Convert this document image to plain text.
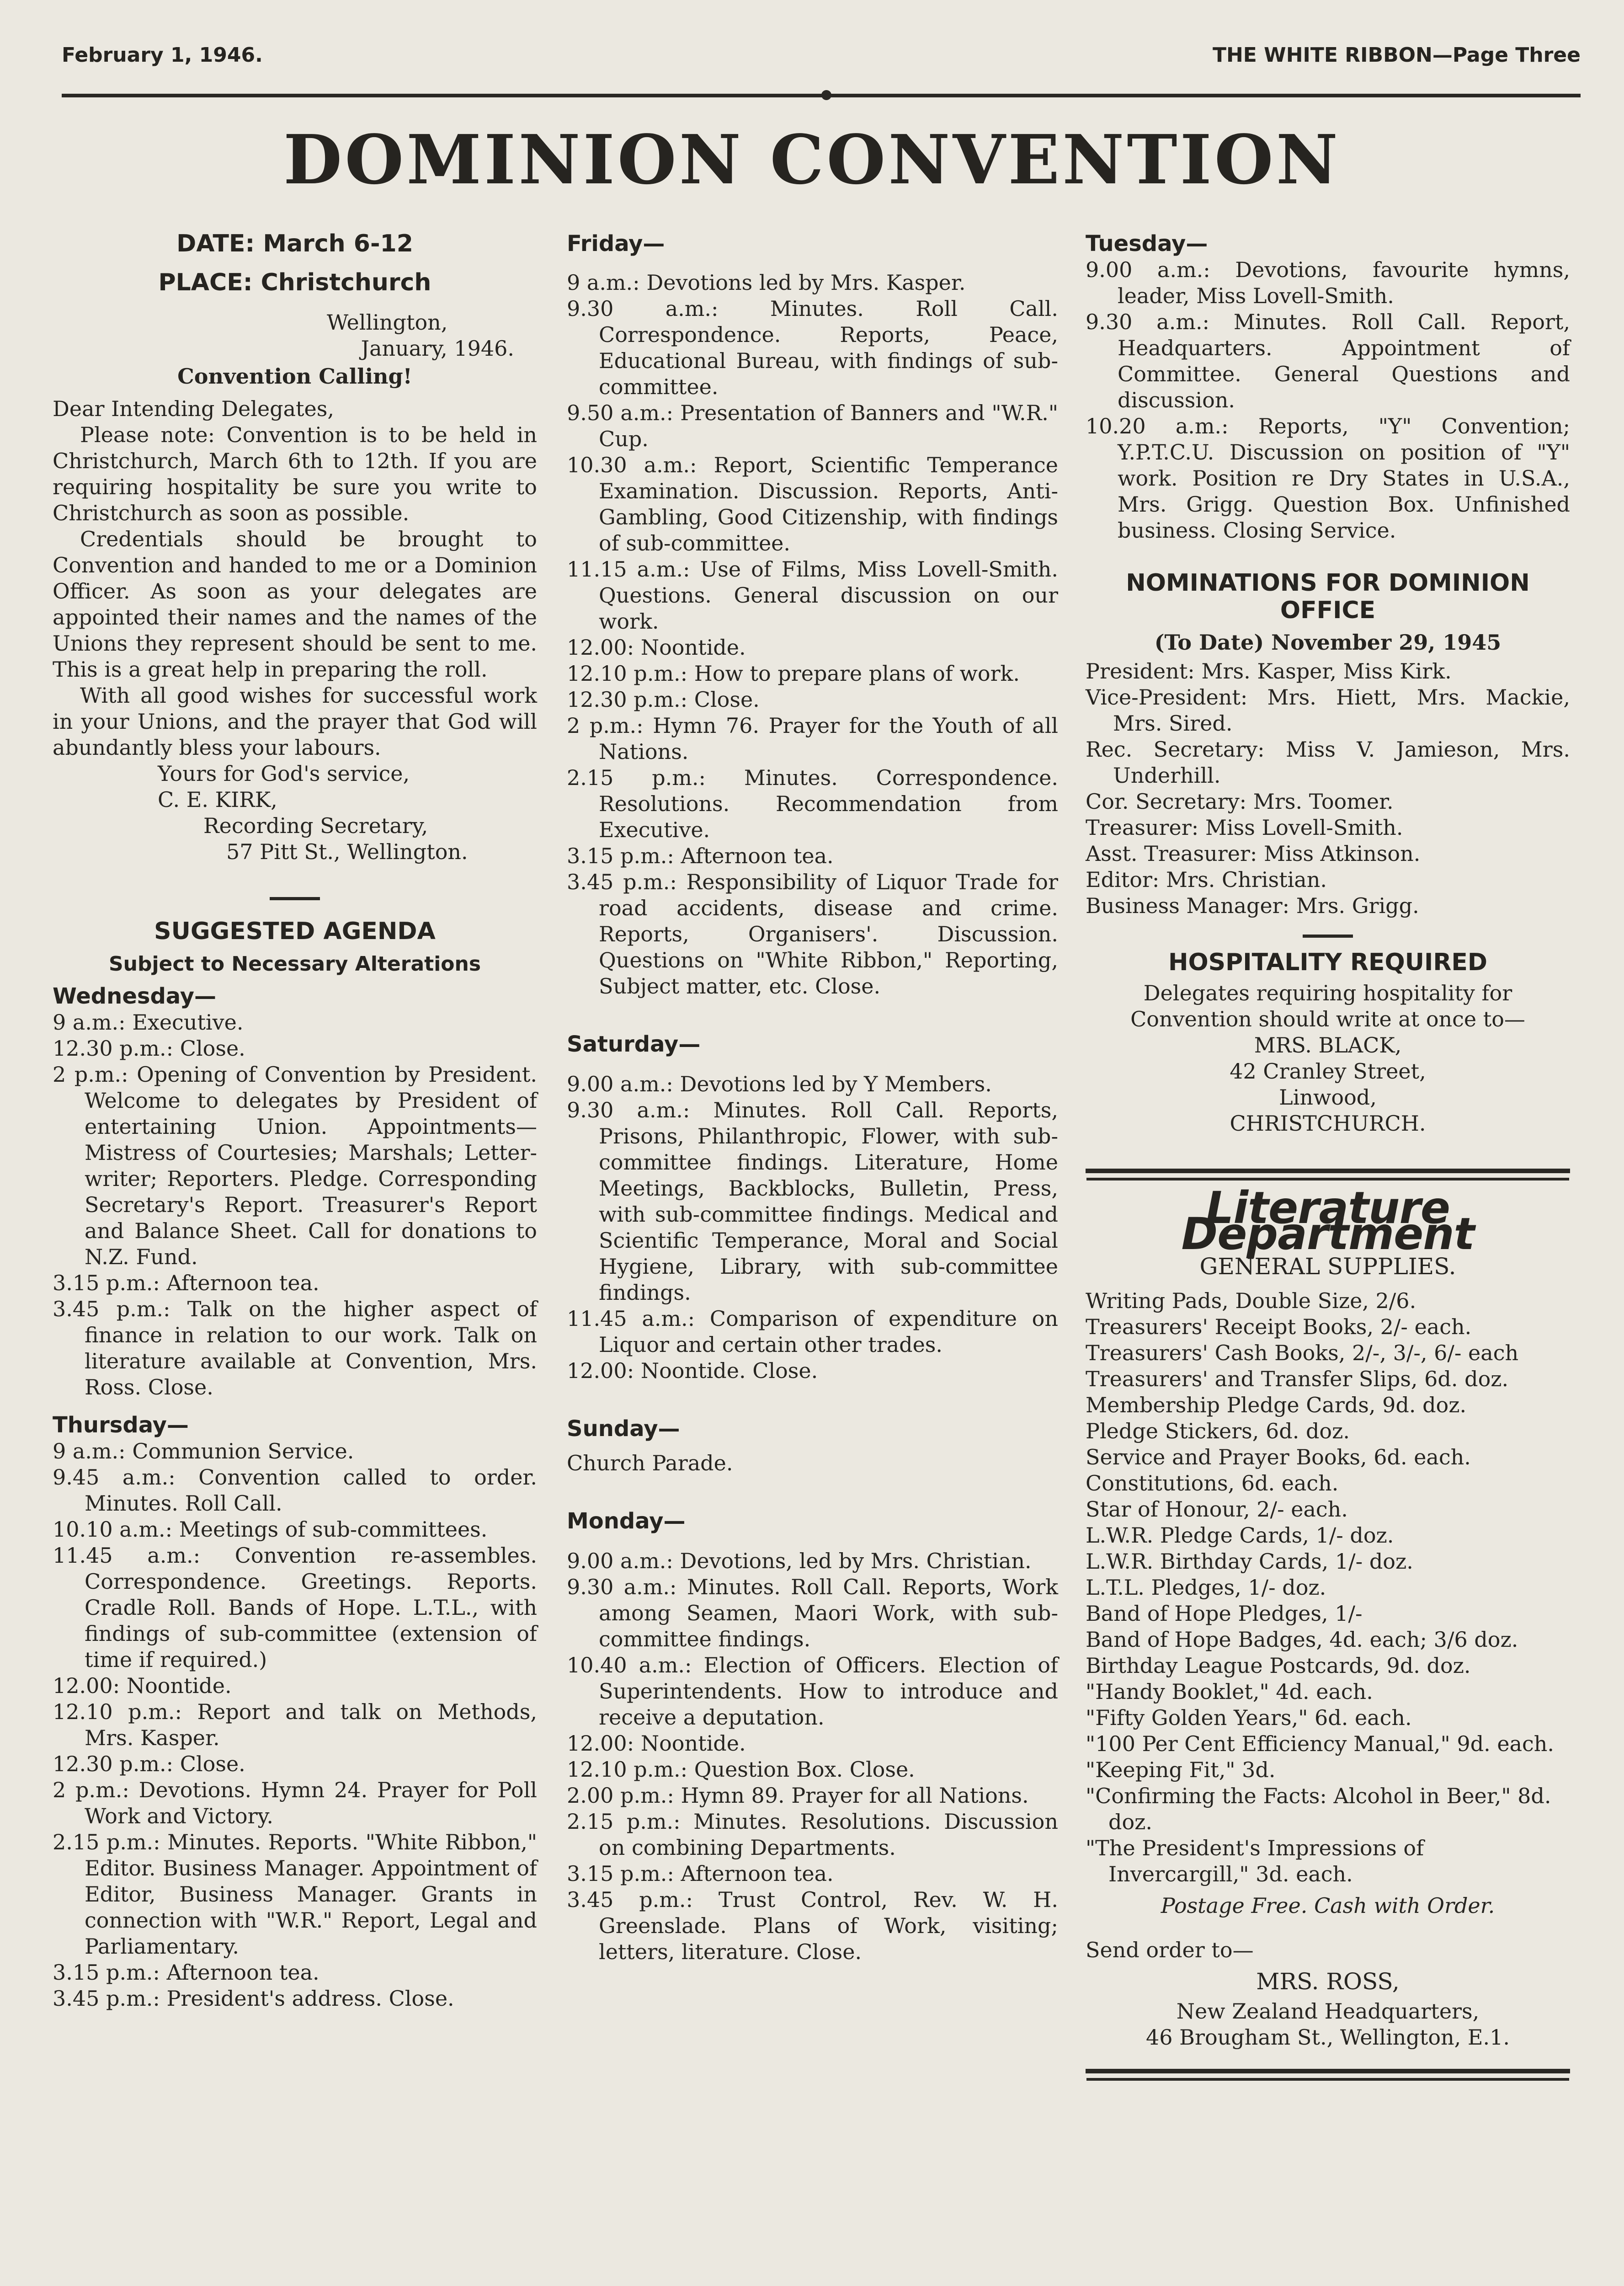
February 1, 1946.	THE WHITE RIBBON—Page Three
DOMINION CONVENTION

DATE: March 6-12

PLACE: Christchurch

Wellington,

January, 1946.

Convention Calling!

Dear Intending Delegates,

Please note: Convention is to be held in Christchurch, March 6th to 12th. If you are requiring hospitality be sure you write to Christchurch as soon as possible.

Credentials should be brought to Convention and handed to me or a Dominion Officer. As soon as your delegates are appointed their names and the names of the Unions they represent should be sent to me. This is a great help in preparing the roll.

With all good wishes for successful work in your Unions, and the prayer that God will abundantly bless your labours.

Yours for God's service,

C. E. KIRK,

Recording Secretary,

57 Pitt St., Wellington.

SUGGESTED AGENDA

Subject to Necessary Alterations

Wednesday—

9 a.m.: Executive.

12.30 p.m.: Close.

2 p.m.: Opening of Convention by President. Welcome to delegates by President of entertaining Union. Appointments—Mistress of Courtesies; Marshals; Letter-writer; Reporters. Pledge. Corresponding Secretary's Report. Treasurer's Report and Balance Sheet. Call for donations to N.Z. Fund.

3.15 p.m.: Afternoon tea.

3.45 p.m.: Talk on the higher aspect of finance in relation to our work. Talk on literature available at Convention, Mrs. Ross. Close.

Thursday—

9 a.m.: Communion Service.

9.45 a.m.: Convention called to order. Minutes. Roll Call.

10.10 a.m.: Meetings of sub-committees.

11.45 a.m.: Convention re-assembles. Correspondence. Greetings. Reports. Cradle Roll. Bands of Hope. L.T.L., with findings of sub-committee (extension of time if required.)

12.00: Noontide.

12.10 p.m.: Report and talk on Methods, Mrs. Kasper.

12.30 p.m.: Close.

2 p.m.: Devotions. Hymn 24. Prayer for Poll Work and Victory.

2.15 p.m.: Minutes. Reports. "White Ribbon," Editor. Business Manager. Appointment of Editor, Business Manager. Grants in connection with "W.R." Report, Legal and Parliamentary.

3.15 p.m.: Afternoon tea.

3.45 p.m.: President's address. Close.

Friday—

9 a.m.: Devotions led by Mrs. Kasper.

9.30 a.m.: Minutes. Roll Call. Correspondence. Reports, Peace, Educational Bureau, with findings of sub-committee.

9.50 a.m.: Presentation of Banners and "W.R." Cup.

10.30 a.m.: Report, Scientific Temperance Examination. Discussion. Reports, Anti-Gambling, Good Citizenship, with findings of sub-committee.

11.15 a.m.: Use of Films, Miss Lovell-Smith. Questions. General discussion on our work.

12.00: Noontide.

12.10 p.m.: How to prepare plans of work.

12.30 p.m.: Close.

2 p.m.: Hymn 76. Prayer for the Youth of all Nations.

2.15 p.m.: Minutes. Correspondence. Resolutions. Recommendation from Executive.

3.15 p.m.: Afternoon tea.

3.45 p.m.: Responsibility of Liquor Trade for road accidents, disease and crime. Reports, Organisers'. Discussion. Questions on "White Ribbon," Reporting, Subject matter, etc. Close.

Saturday—

9.00 a.m.: Devotions led by Y Members.

9.30 a.m.: Minutes. Roll Call. Reports, Prisons, Philanthropic, Flower, with sub-committee findings. Literature, Home Meetings, Backblocks, Bulletin, Press, with sub-committee findings. Medical and Scientific Temperance, Moral and Social Hygiene, Library, with sub-committee findings.

11.45 a.m.: Comparison of expenditure on Liquor and certain other trades.

12.00: Noontide. Close.

Sunday—

Church Parade.

Monday—

9.00 a.m.: Devotions, led by Mrs. Christian.

9.30 a.m.: Minutes. Roll Call. Reports, Work among Seamen, Maori Work, with sub-committee findings.

10.40 a.m.: Election of Officers. Election of Superintendents. How to introduce and receive a deputation.

12.00: Noontide.

12.10 p.m.: Question Box. Close.

2.00 p.m.: Hymn 89. Prayer for all Nations.

2.15 p.m.: Minutes. Resolutions. Discussion on combining Departments.

3.15 p.m.: Afternoon tea.

3.45 p.m.: Trust Control, Rev. W. H. Greenslade. Plans of Work, visiting; letters, literature. Close.

Tuesday—

9.00 a.m.: Devotions, favourite hymns, leader, Miss Lovell-Smith.

9.30 a.m.: Minutes. Roll Call. Report, Headquarters. Appointment of Committee. General Questions and discussion.

10.20 a.m.: Reports, "Y" Convention; Y.P.T.C.U. Discussion on position of "Y" work. Position re Dry States in U.S.A., Mrs. Grigg. Question Box. Unfinished business. Closing Service.

NOMINATIONS FOR DOMINION OFFICE

(To Date) November 29, 1945

President: Mrs. Kasper, Miss Kirk.

Vice-President: Mrs. Hiett, Mrs. Mackie, Mrs. Sired.

Rec. Secretary: Miss V. Jamieson, Mrs. Underhill.

Cor. Secretary: Mrs. Toomer.

Treasurer: Miss Lovell-Smith.

Asst. Treasurer: Miss Atkinson.

Editor: Mrs. Christian.

Business Manager: Mrs. Grigg.

HOSPITALITY REQUIRED

Delegates requiring hospitality for Convention should write at once to—

MRS. BLACK,

42 Cranley Street,

Linwood,

CHRISTCHURCH.

Literature Department

GENERAL SUPPLIES.

Writing Pads, Double Size, 2/6.

Treasurers' Receipt Books, 2/- each.

Treasurers' Cash Books, 2/-, 3/-, 6/- each

Treasurers' and Transfer Slips, 6d. doz.

Membership Pledge Cards, 9d. doz.

Pledge Stickers, 6d. doz.

Service and Prayer Books, 6d. each.

Constitutions, 6d. each.

Star of Honour, 2/- each.

L.W.R. Pledge Cards, 1/- doz.

L.W.R. Birthday Cards, 1/- doz.

L.T.L. Pledges, 1/- doz.

Band of Hope Pledges, 1/-

Band of Hope Badges, 4d. each; 3/6 doz.

Birthday League Postcards, 9d. doz.

"Handy Booklet," 4d. each.

"Fifty Golden Years," 6d. each.

"100 Per Cent Efficiency Manual," 9d. each.

"Keeping Fit," 3d.

"Confirming the Facts: Alcohol in Beer," 8d. doz.

"The President's Impressions of Invercargill," 3d. each.

Postage Free. Cash with Order.

Send order to—

MRS. ROSS,

New Zealand Headquarters,

46 Brougham St., Wellington, E.1.
